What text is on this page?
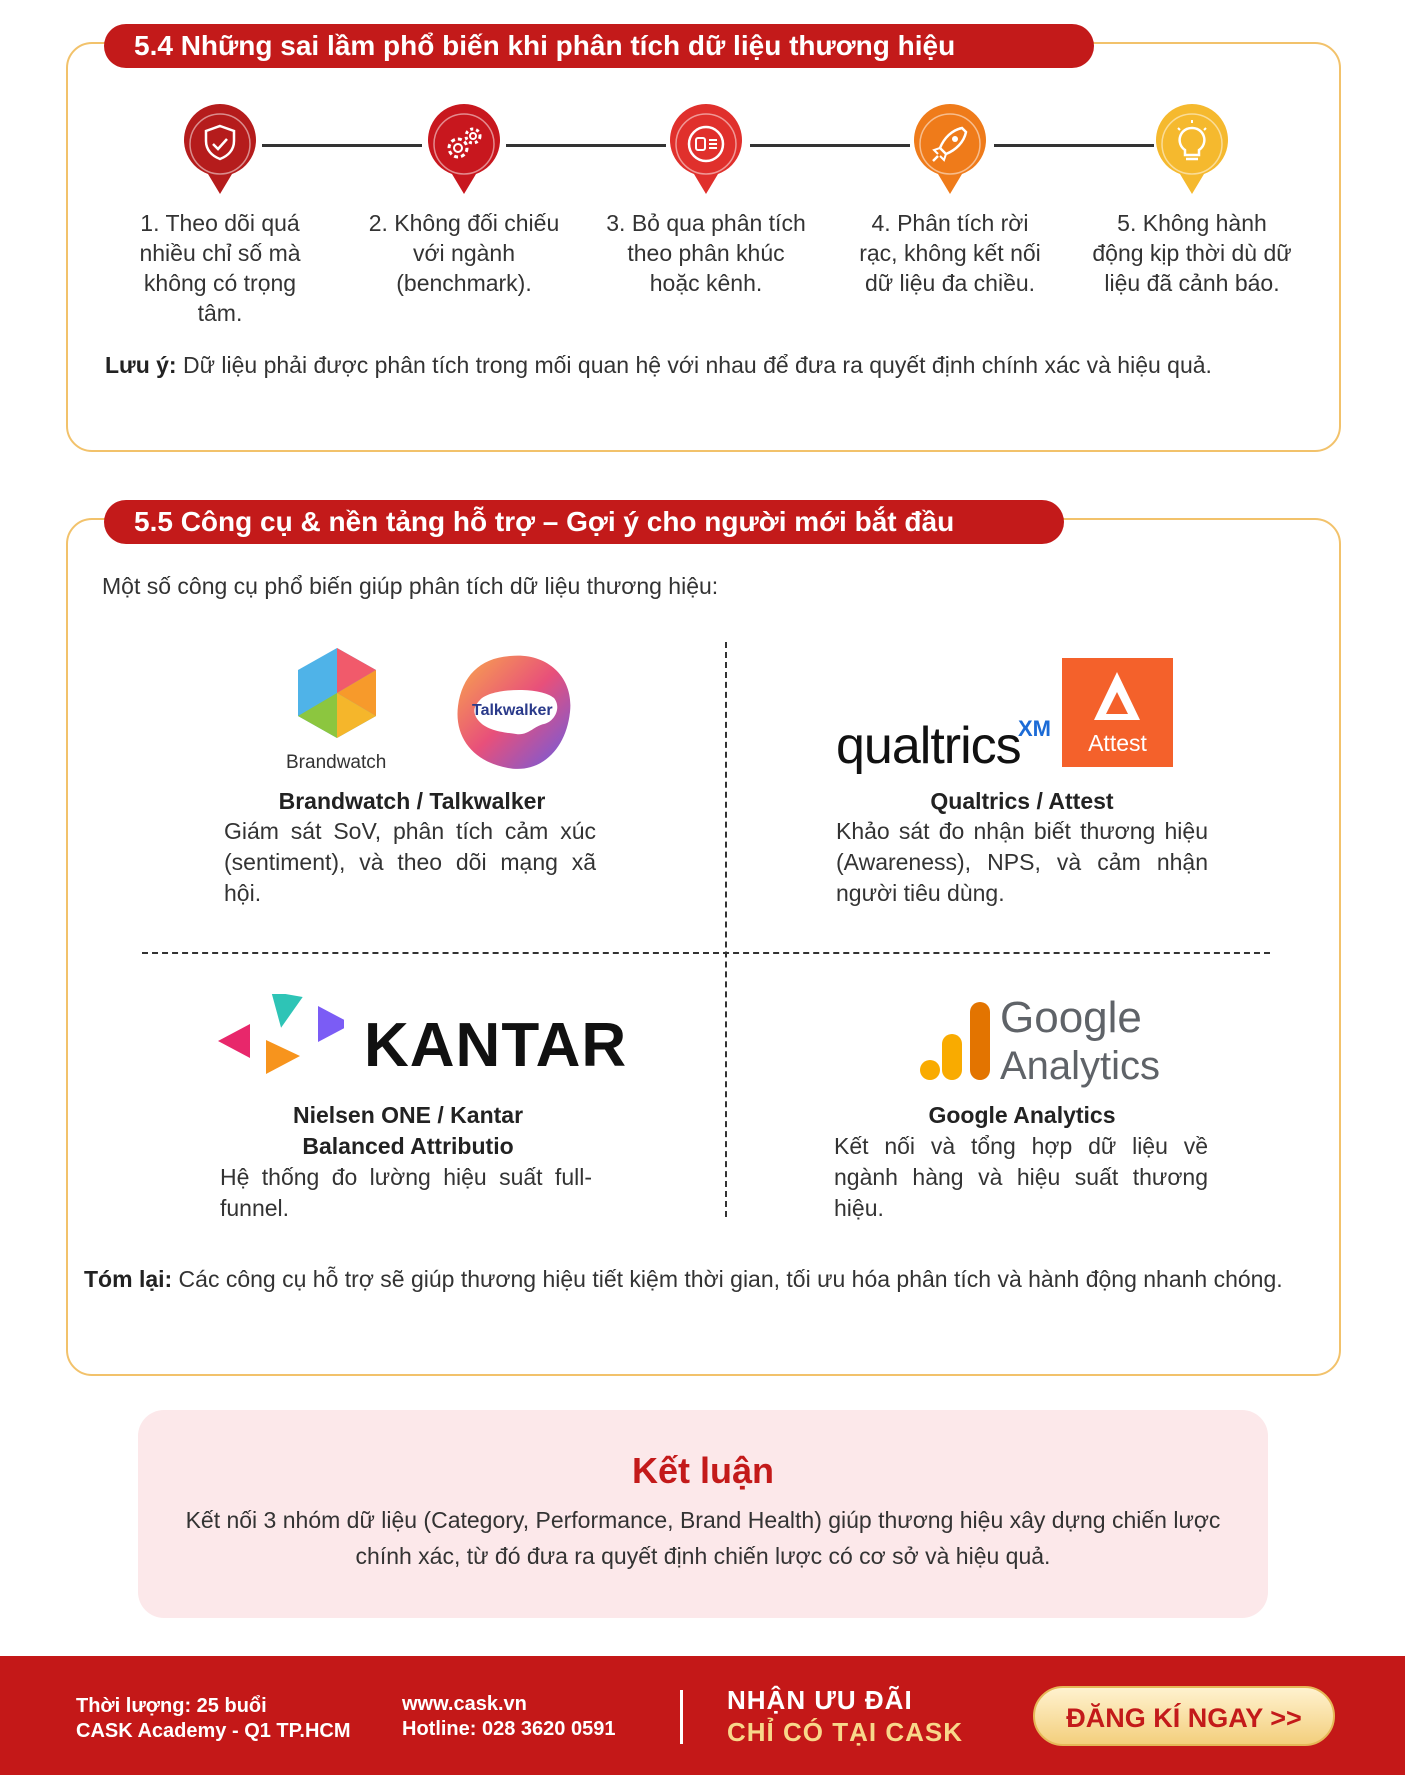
5.4 Những sai lầm phổ biến khi phân tích dữ liệu thương hiệu
1. Theo dõi quá nhiều chỉ số mà không có trọng tâm.
2. Không đối chiếu với ngành (benchmark).
3. Bỏ qua phân tích theo phân khúc hoặc kênh.
4. Phân tích rời rạc, không kết nối dữ liệu đa chiều.
5. Không hành động kịp thời dù dữ liệu đã cảnh báo.
Lưu ý: Dữ liệu phải được phân tích trong mối quan hệ với nhau để đưa ra quyết định chính xác và hiệu quả.
5.5 Công cụ & nền tảng hỗ trợ – Gợi ý cho người mới bắt đầu
Một số công cụ phổ biến giúp phân tích dữ liệu thương hiệu:
Brandwatch
Talkwalker
Brandwatch / Talkwalker
Giám sát SoV, phân tích cảm xúc (sentiment), và theo dõi mạng xã hội.
qualtrics
XM
Attest
Qualtrics / Attest
Khảo sát đo nhận biết thương hiệu (Awareness), NPS, và cảm nhận người tiêu dùng.
KANTAR
Nielsen ONE / Kantar
Balanced Attributio
Hệ thống đo lường hiệu suất full-funnel.
Google
Analytics
Google Analytics
Kết nối và tổng hợp dữ liệu về ngành hàng và hiệu suất thương hiệu.
Tóm lại: Các công cụ hỗ trợ sẽ giúp thương hiệu tiết kiệm thời gian, tối ưu hóa phân tích và hành động nhanh chóng.
Kết luận
Kết nối 3 nhóm dữ liệu (Category, Performance, Brand Health) giúp thương hiệu xây dựng chiến lược chính xác, từ đó đưa ra quyết định chiến lược có cơ sở và hiệu quả.
Thời lượng: 25 buổi
CASK Academy - Q1 TP.HCM
www.cask.vn
Hotline: 028 3620 0591
NHẬN ƯU ĐÃI
CHỈ CÓ TẠI CASK	ĐĂNG KÍ NGAY >>
